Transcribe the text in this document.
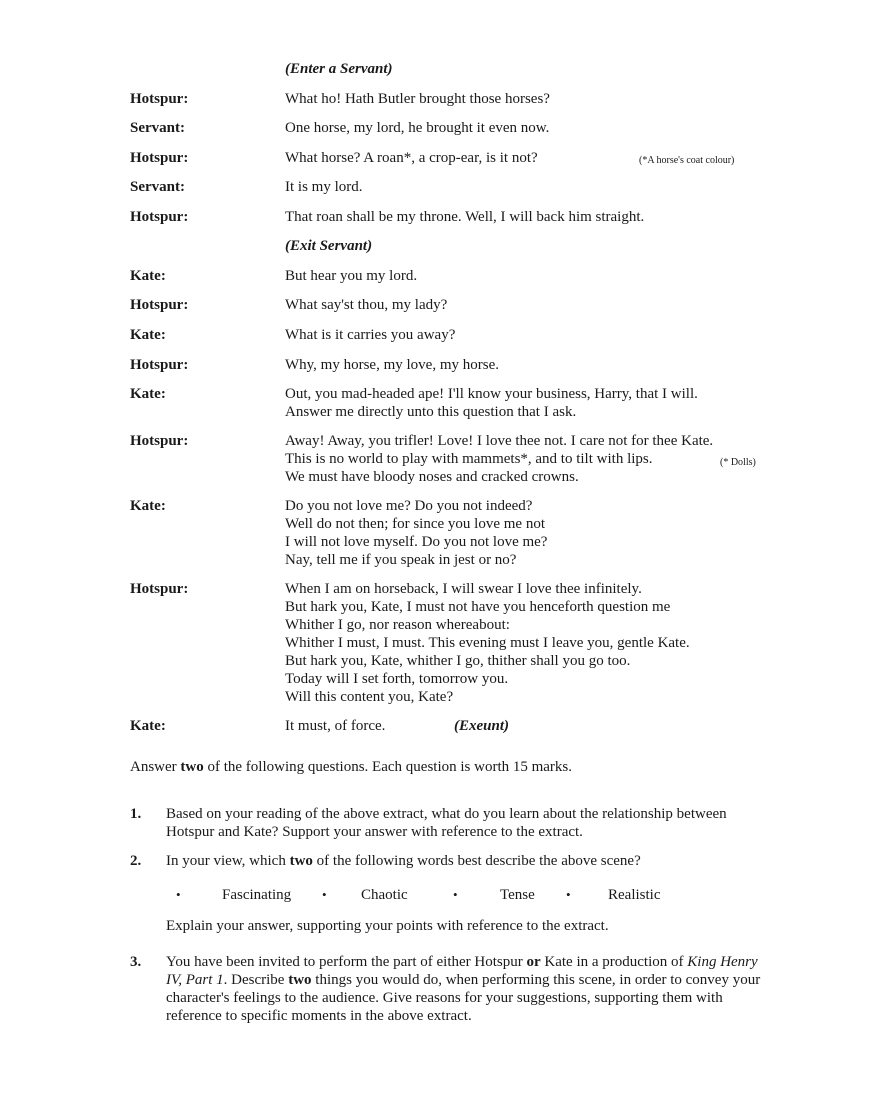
(Enter a Servant)
Hotspur:	What ho! Hath Butler brought those horses?
Servant:	One horse, my lord, he brought it even now.
Hotspur:	What horse? A roan*, a crop-ear, is it not?	(*A horse's coat colour)
Servant:	It is my lord.
Hotspur:	That roan shall be my throne. Well, I will back him straight.
(Exit Servant)
Kate:	But hear you my lord.
Hotspur:	What say'st thou, my lady?
Kate:	What is it carries you away?
Hotspur:	Why, my horse, my love, my horse.
Kate:	Out, you mad-headed ape! I'll know your business, Harry, that I will.
Answer me directly unto this question that I ask.
Hotspur:	Away! Away, you trifler! Love! I love thee not. I care not for thee Kate.
This is no world to play with mammets*, and to tilt with lips.
We must have bloody noses and cracked crowns.
(* Dolls)
Kate:	Do you not love me? Do you not indeed?
Well do not then; for since you love me not
I will not love myself. Do you not love me?
Nay, tell me if you speak in jest or no?
Hotspur:	When I am on horseback, I will swear I love thee infinitely.
But hark you, Kate, I must not have you henceforth question me
Whither I go, nor reason whereabout:
Whither I must, I must. This evening must I leave you, gentle Kate.
But hark you, Kate, whither I go, thither shall you go too.
Today will I set forth, tomorrow you.
Will this content you, Kate?
Kate:	It must, of force.	(Exeunt)
Answer two of the following questions. Each question is worth 15 marks.
1. Based on your reading of the above extract, what do you learn about the relationship between Hotspur and Kate? Support your answer with reference to the extract.
2. In your view, which two of the following words best describe the above scene?
•	Fascinating • Chaotic	•	Tense • Realistic
Explain your answer, supporting your points with reference to the extract.
3. You have been invited to perform the part of either Hotspur or Kate in a production of King Henry IV, Part 1. Describe two things you would do, when performing this scene, in order to convey your character's feelings to the audience. Give reasons for your suggestions, supporting them with reference to specific moments in the above extract.
